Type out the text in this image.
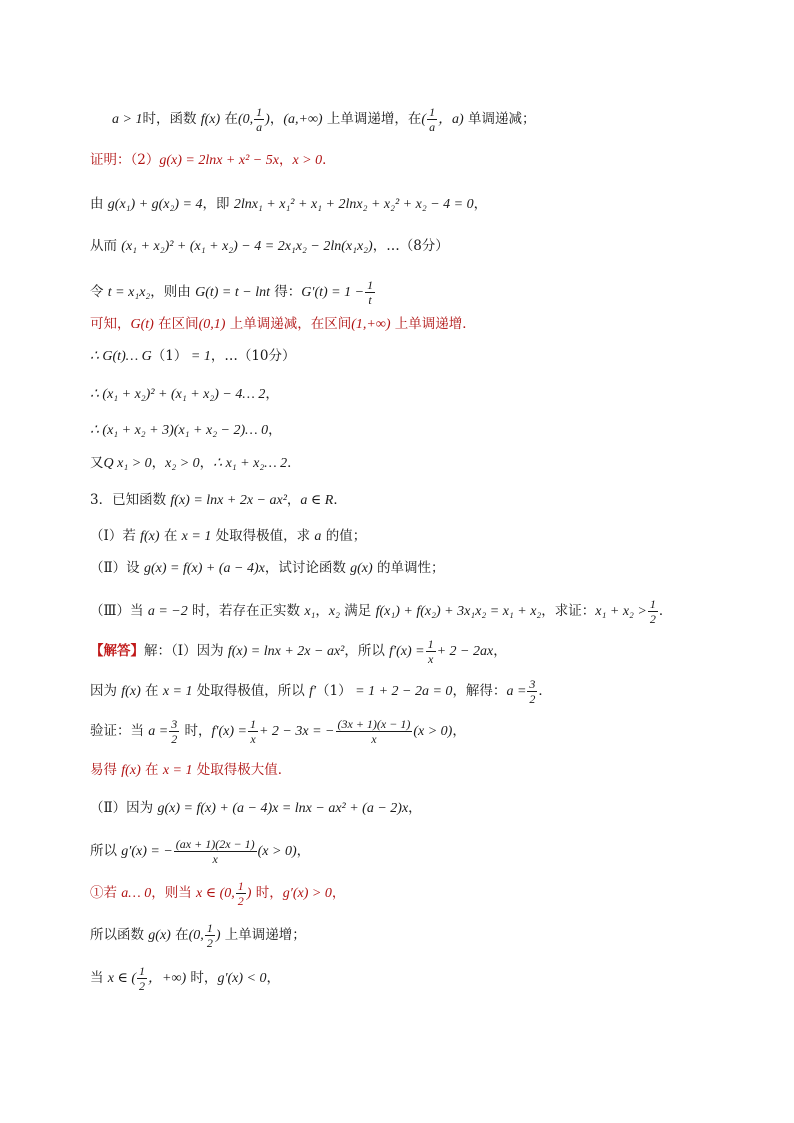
a > 1时，函数 f(x) 在(0, $\frac{1}{a}$ )，(a,+∞) 上单调递增，在( $\frac{1}{a}$ ，a) 单调递减；
证明：（2）g(x) = 2lnx + x² − 5x，x > 0．
由 g(x₁) + g(x₂) = 4，即 2lnx₁ + x₁² + x₁ + 2lnx₂ + x₂² + x₂ − 4 = 0，
从而 (x₁ + x₂)² + (x₁ + x₂) − 4 = 2x₁x₂ − 2ln(x₁x₂)，…（8分）
令 t = x₁x₂，则由 G(t) = t − lnt 得：$G'(t) = 1 - \frac{1}{t}$
可知，G(t) 在区间(0,1) 上单调递减，在区间(1,+∞) 上单调递增．
∴ G(t)… G（1） = 1，…（10分）
∴ (x₁ + x₂)² + (x₁ + x₂) − 4… 2，
∴ (x₁ + x₂ + 3)(x₁ + x₂ − 2)… 0，
又Q x₁ > 0，x₂ > 0，∴ x₁ + x₂… 2．
3．已知函数 f(x) = lnx + 2x − ax²，a ∈ R．
（Ⅰ）若 f(x) 在 x = 1 处取得极值，求 a 的值；
（Ⅱ）设 g(x) = f(x) + (a − 4)x，试讨论函数 g(x) 的单调性；
（Ⅲ）当 a = −2 时，若存在正实数 x₁，x₂ 满足 f(x₁) + f(x₂) + 3x₁x₂ = x₁ + x₂，求证：$x_1 + x_2 > \frac{1}{2}$ ．
【解答】解：（Ⅰ）因为 f(x) = lnx + 2x − ax²，所以 $f'(x) = \frac{1}{x} + 2 - 2ax$，
因为 f(x) 在 x = 1 处取得极值，所以 f′（1） = 1 + 2 − 2a = 0，解得：$a = \frac{3}{2}$ ．
验证：当 $a = \frac{3}{2}$ 时，$f'(x) = \frac{1}{x} + 2 - 3x$ = − $\frac{(3x + 1)(x - 1)}{x} (x > 0)$，
易得 f(x) 在 x = 1 处取得极大值．
（Ⅱ）因为 g(x) = f(x) + (a − 4)x = lnx − ax² + (a − 2)x，
所以 g′(x) = − $\frac{(ax + 1)(2x - 1)}{x} (x > 0)$，
①若 a… 0，则当 x ∈ (0, $\frac{1}{2}$ ) 时，g′(x) > 0，
所以函数 g(x) 在(0, $\frac{1}{2}$ ) 上单调递增；
当 x ∈ ( $\frac{1}{2}$ ，+∞) 时，g′(x) < 0，
